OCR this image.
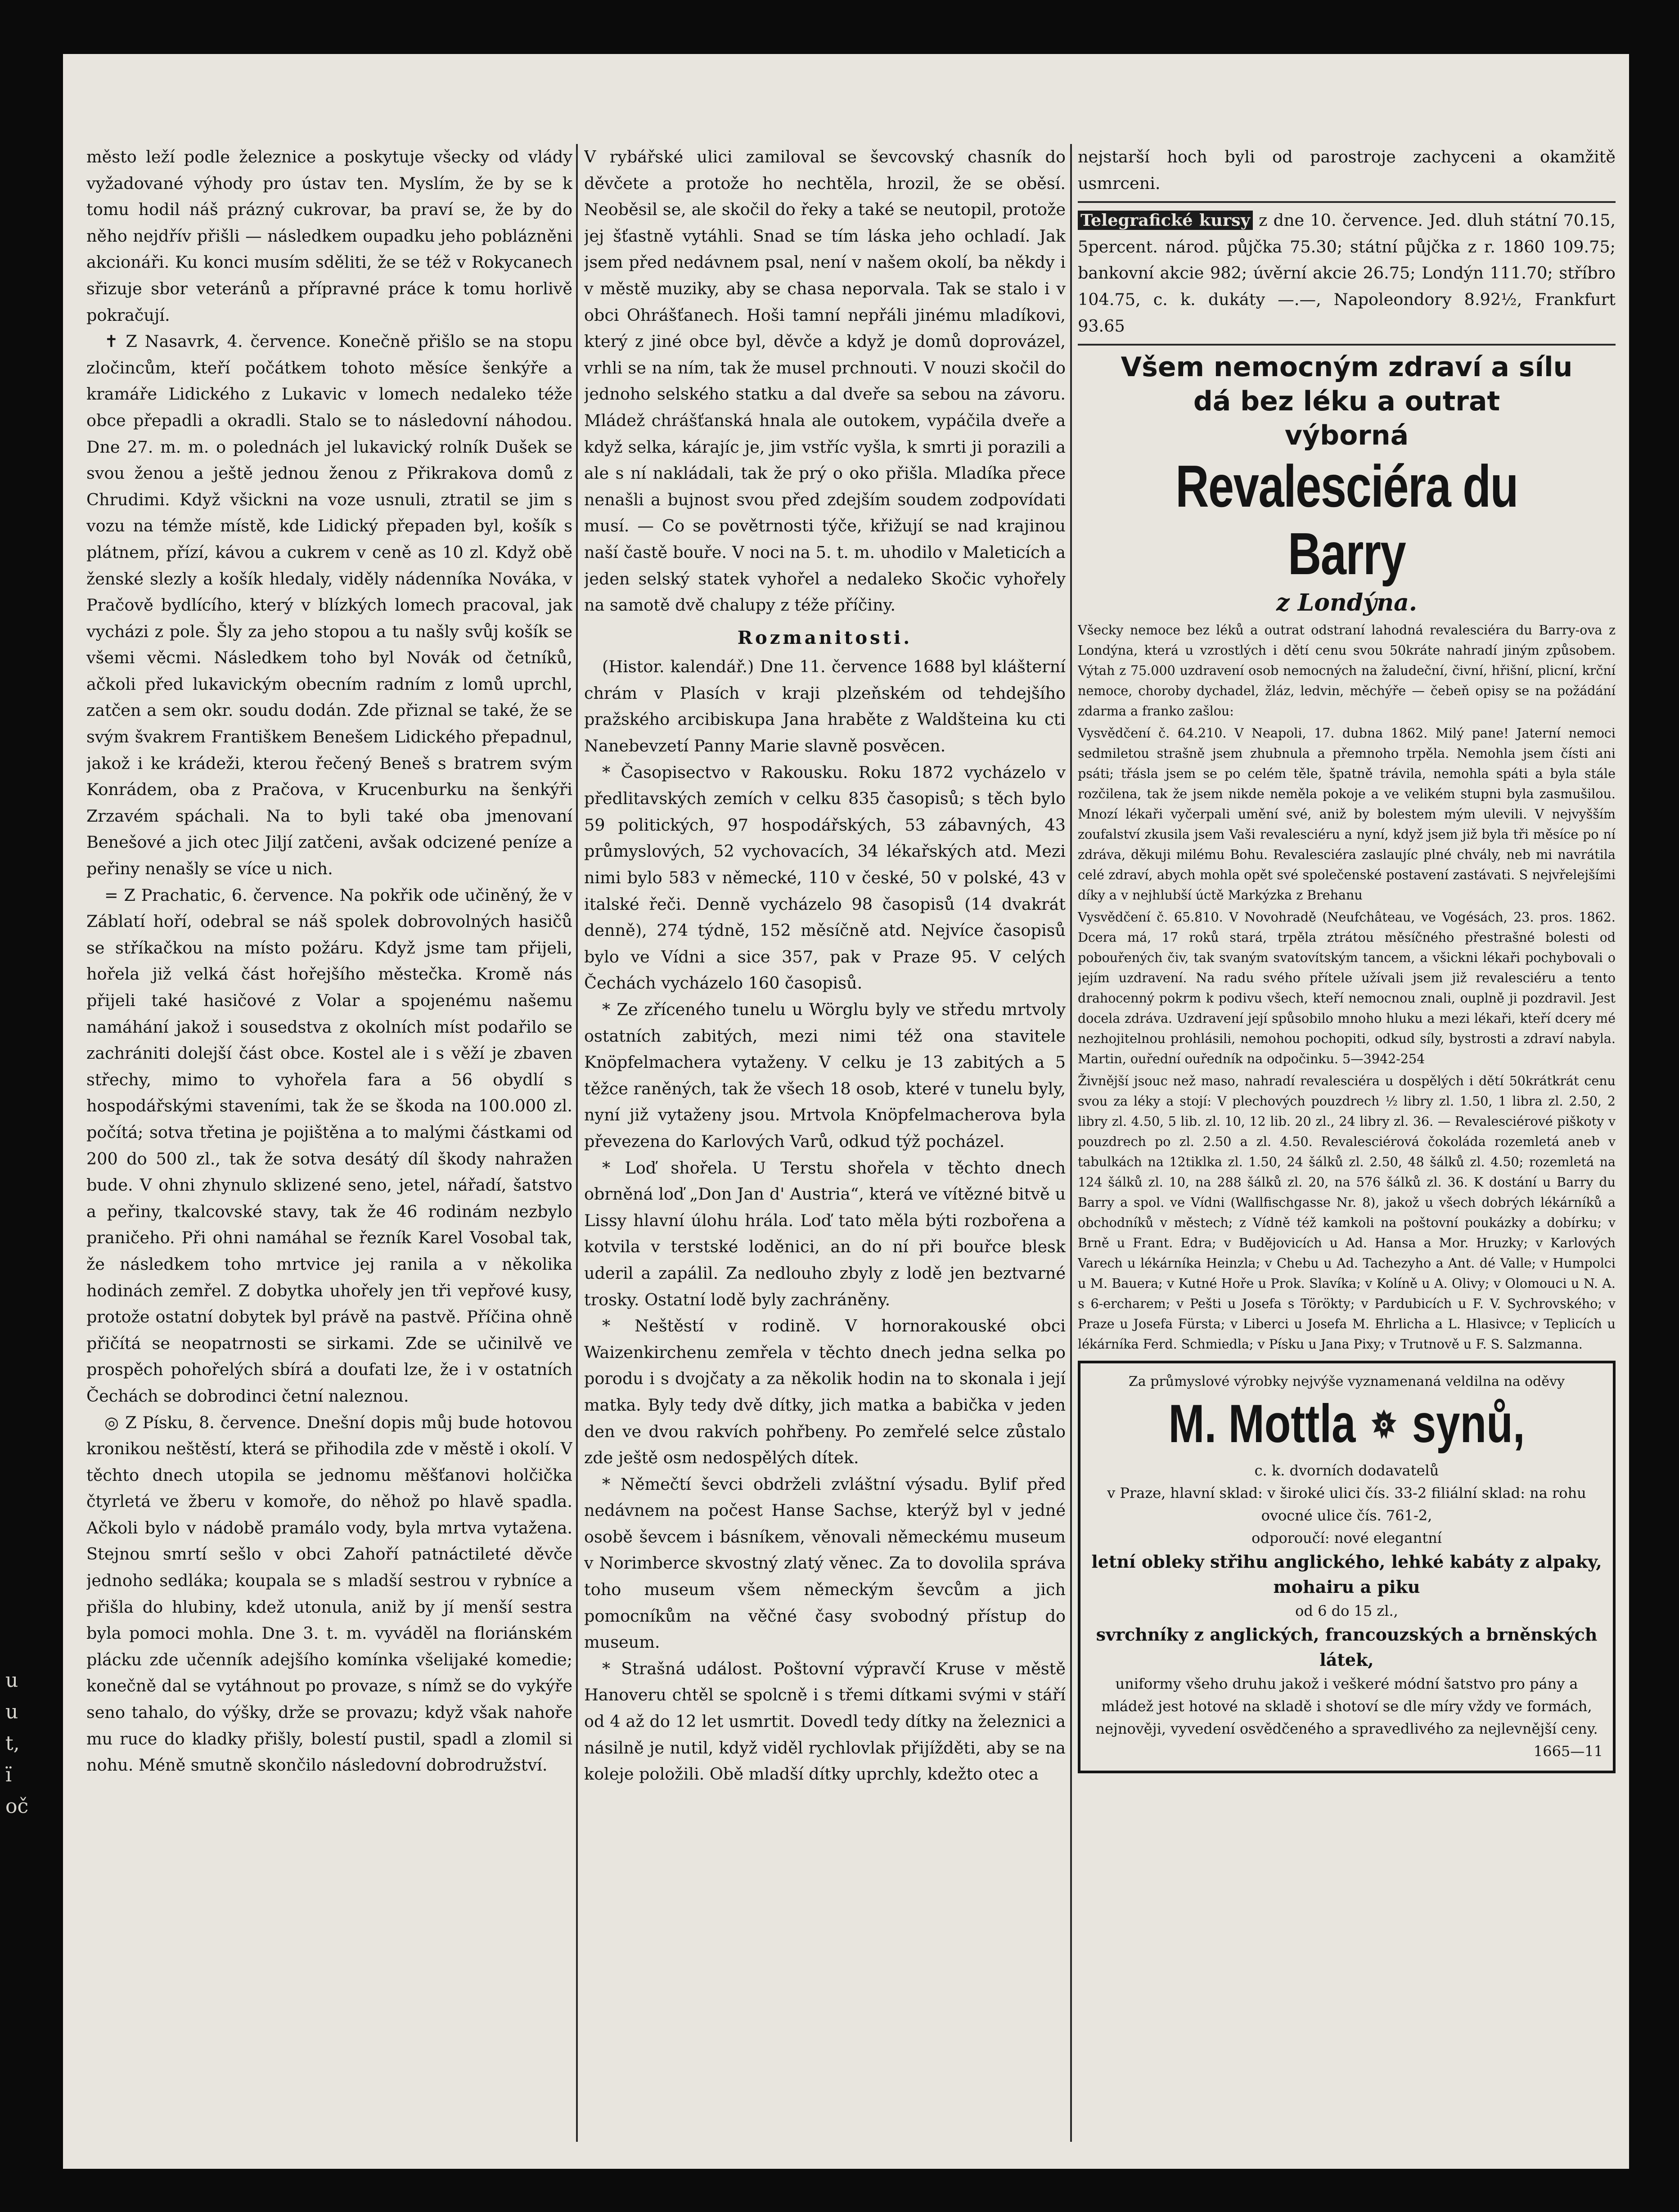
město leží podle železnice a poskytuje všecky od vlády vyžadované výhody pro ústav ten. Myslím, že by se k tomu hodil náš prázný cukrovar, ba praví se, že by do něho nejdřív přišli — následkem oupadku jeho poblázněni akcionáři. Ku konci musím sděliti, že se též v Rokycanech sřizuje sbor veteránů a přípravné práce k tomu horlivě pokračují.

✝ Z Nasavrk, 4. července. Konečně přišlo se na stopu zločincům, kteří počátkem tohoto měsíce šenkýře a kramáře Lidického z Lukavic v lomech nedaleko téže obce přepadli a okradli. Stalo se to následovní náhodou. Dne 27. m. m. o polednách jel lukavický rolník Dušek se svou ženou a ještě jednou ženou z Přikrakova domů z Chrudimi. Když všickni na voze usnuli, ztratil se jim s vozu na témže místě, kde Lidický přepaden byl, košík s plátnem, přízí, kávou a cukrem v ceně as 10 zl. Když obě ženské slezly a košík hledaly, viděly nádenníka Nováka, v Pračově bydlícího, který v blízkých lomech pracoval, jak vycházi z pole. Šly za jeho stopou a tu našly svůj košík se všemi věcmi. Následkem toho byl Novák od četníků, ačkoli před lukavickým obecním radním z lomů uprchl, zatčen a sem okr. soudu dodán. Zde přiznal se také, že se svým švakrem Františkem Benešem Lidického přepadnul, jakož i ke krádeži, kterou řečený Beneš s bratrem svým Konrádem, oba z Pračova, v Krucenburku na šenkýři Zrzavém spáchali. Na to byli také oba jmenovaní Benešové a jich otec Jiljí zatčeni, avšak odcizené peníze a peřiny nenašly se více u nich.

= Z Prachatic, 6. července. Na pokřik ode učiněný, že v Záblatí hoří, odebral se náš spolek dobrovolných hasičů se stříkačkou na místo požáru. Když jsme tam přijeli, hořela již velká část hořejšího městečka. Kromě nás přijeli také hasičové z Volar a spojenému našemu namáhání jakož i sousedstva z okolních míst podařilo se zachrániti dolejší část obce. Kostel ale i s věží je zbaven střechy, mimo to vyhořela fara a 56 obydlí s hospodářskými staveními, tak že se škoda na 100.000 zl. počítá; sotva třetina je pojištěna a to malými částkami od 200 do 500 zl., tak že sotva desátý díl škody nahražen bude. V ohni zhynulo sklizené seno, jetel, nářadí, šatstvo a peřiny, tkalcovské stavy, tak že 46 rodinám nezbylo praničeho. Při ohni namáhal se řezník Karel Vosobal tak, že následkem toho mrtvice jej ranila a v několika hodinách zemřel. Z dobytka uhořely jen tři vepřové kusy, protože ostatní dobytek byl právě na pastvě. Příčina ohně přičítá se neopatrnosti se sirkami. Zde se učinilvě ve prospěch pohořelých sbírá a doufati lze, že i v ostatních Čechách se dobrodinci četní naleznou.

◎ Z Písku, 8. července. Dnešní dopis můj bude hotovou kronikou neštěstí, která se přihodila zde v městě i okolí. V těchto dnech utopila se jednomu měšťanovi holčička čtyrletá ve žberu v komoře, do něhož po hlavě spadla. Ačkoli bylo v nádobě pramálo vody, byla mrtva vytažena. Stejnou smrtí sešlo v obci Zahoří patnáctileté děvče jednoho sedláka; koupala se s mladší sestrou v rybníce a přišla do hlubiny, kdež utonula, aniž by jí menší sestra byla pomoci mohla. Dne 3. t. m. vyváděl na floriánském plácku zde učenník adejšího komínka všelijaké komedie; konečně dal se vytáhnout po provaze, s nímž se do vykýře seno tahalo, do výšky, drže se provazu; když však nahoře mu ruce do kladky přišly, bolestí pustil, spadl a zlomil si nohu. Méně smutně skončilo následovní dobrodružství.

V rybářské ulici zamiloval se ševcovský chasník do děvčete a protože ho nechtěla, hrozil, že se oběsí. Neoběsil se, ale skočil do řeky a také se neutopil, protože jej šťastně vytáhli. Snad se tím láska jeho ochladí. Jak jsem před nedávnem psal, není v našem okolí, ba někdy i v městě muziky, aby se chasa neporvala. Tak se stalo i v obci Ohrášťanech. Hoši tamní nepřáli jinému mladíkovi, který z jiné obce byl, děvče a když je domů doprovázel, vrhli se na ním, tak že musel prchnouti. V nouzi skočil do jednoho selského statku a dal dveře sa sebou na závoru. Mládež chrášťanská hnala ale outokem, vypáčila dveře a když selka, kárajíc je, jim vstříc vyšla, k smrti ji porazili a ale s ní nakládali, tak že prý o oko přišla. Mladíka přece nenašli a bujnost svou před zdejším soudem zodpovídati musí. — Co se povětrnosti týče, křižují se nad krajinou naší častě bouře. V noci na 5. t. m. uhodilo v Maleticích a jeden selský statek vyhořel a nedaleko Skočic vyhořely na samotě dvě chalupy z téže příčiny.

Rozmanitosti.

(Histor. kalendář.) Dne 11. července 1688 byl klášterní chrám v Plasích v kraji plzeňském od tehdejšího pražského arcibiskupa Jana hraběte z Waldšteina ku cti Nanebevzetí Panny Marie slavně posvěcen.

* Časopisectvo v Rakousku. Roku 1872 vycházelo v předlitavských zemích v celku 835 časopisů; s těch bylo 59 politických, 97 hospodářských, 53 zábavných, 43 průmyslových, 52 vychovacích, 34 lékařských atd. Mezi nimi bylo 583 v německé, 110 v české, 50 v polské, 43 v italské řeči. Denně vycházelo 98 časopisů (14 dvakrát denně), 274 týdně, 152 měsíčně atd. Nejvíce časopisů bylo ve Vídni a sice 357, pak v Praze 95. V celých Čechách vycházelo 160 časopisů.

* Ze zříceného tunelu u Wörglu byly ve středu mrtvoly ostatních zabitých, mezi nimi též ona stavitele Knöpfelmachera vytaženy. V celku je 13 zabitých a 5 těžce raněných, tak že všech 18 osob, které v tunelu byly, nyní již vytaženy jsou. Mrtvola Knöpfelmacherova byla převezena do Karlových Varů, odkud týž pocházel.

* Loď shořela. U Terstu shořela v těchto dnech obrněná loď „Don Jan d' Austria“, která ve vítězné bitvě u Lissy hlavní úlohu hrála. Loď tato měla býti rozbořena a kotvila v terstské loděnici, an do ní při bouřce blesk uderil a zapálil. Za nedlouho zbyly z lodě jen beztvarné trosky. Ostatní lodě byly zachráněny.

* Neštěstí v rodině. V hornorakouské obci Waizenkirchenu zemřela v těchto dnech jedna selka po porodu i s dvojčaty a za několik hodin na to skonala i její matka. Byly tedy dvě dítky, jich matka a babička v jeden den ve dvou rakvích pohřbeny. Po zemřelé selce zůstalo zde ještě osm nedospělých dítek.

* Němečtí ševci obdrželi zvláštní výsadu. Bylif před nedávnem na počest Hanse Sachse, kterýž byl v jedné osobě ševcem i básníkem, věnovali německému museum v Norimberce skvostný zlatý věnec. Za to dovolila správa toho museum všem německým ševcům a jich pomocníkům na věčné časy svobodný přístup do museum.

* Strašná událost. Poštovní výpravčí Kruse v městě Hanoveru chtěl se spolcně i s třemi dítkami svými v stáří od 4 až do 12 let usmrtit. Dovedl tedy dítky na železnici a násilně je nutil, když viděl rychlovlak přijížděti, aby se na koleje položili. Obě mladší dítky uprchly, kdežto otec a

nejstarší hoch byli od parostroje zachyceni a okamžitě usmrceni.

Telegrafické kursy z dne 10. července. Jed. dluh státní 70.15, 5percent. národ. půjčka 75.30; státní půjčka z r. 1860 109.75; bankovní akcie 982; úvěrní akcie 26.75; Londýn 111.70; stříbro 104.75, c. k. dukáty —.—, Napoleondory 8.92½, Frankfurt 93.65

Všem nemocným zdraví a sílu
dá bez léku a outrat
výborná
Revalesciéra du Barry
z Londýna.

Všecky nemoce bez léků a outrat odstraní lahodná revalesciéra du Barry-ova z Londýna, která u vzrostlých i dětí cenu svou 50kráte nahradí jiným způsobem. Výtah z 75.000 uzdravení osob nemocných na žaludeční, čivní, hřišní, plicní, krční nemoce, choroby dychadel, žláz, ledvin, měchýře — čebeň opisy se na požádání zdarma a franko zašlou:

Vysvědčení č. 64.210. V Neapoli, 17. dubna 1862. Milý pane! Jaterní nemoci sedmiletou strašně jsem zhubnula a přemnoho trpěla. Nemohla jsem čísti ani psáti; třásla jsem se po celém těle, špatně trávila, nemohla spáti a byla stále rozčilena, tak že jsem nikde neměla pokoje a ve velikém stupni byla zasmušilou. Mnozí lékaři vyčerpali umění své, aniž by bolestem mým ulevili. V nejvyšším zoufalství zkusila jsem Vaši revalesciéru a nyní, když jsem již byla tři měsíce po ní zdráva, děkuji milému Bohu. Revalesciéra zaslaujíc plné chvály, neb mi navrátila celé zdraví, abych mohla opět své společenské postavení zastávati. S nejvřelejšími díky a v nejhlubší úctě Markýzka z Brehanu

Vysvědčení č. 65.810. V Novohradě (Neufchâteau, ve Vogésách, 23. pros. 1862. Dcera má, 17 roků stará, trpěla ztrátou měsíčného přestrašné bolesti od pobouřených čiv, tak svaným svatovítským tancem, a všickni lékaři pochybovali o jejím uzdravení. Na radu svého přítele užívali jsem již revalesciéru a tento drahocenný pokrm k podivu všech, kteří nemocnou znali, ouplně ji pozdravil. Jest docela zdráva. Uzdravení její spůsobilo mnoho hluku a mezi lékaři, kteří dcery mé nezhojitelnou prohlásili, nemohou pochopiti, odkud síly, bystrosti a zdraví nabyla. Martin, ouřední ouředník na odpočinku. 5—3942-254

Živnější jsouc než maso, nahradí revalesciéra u dospělých i dětí 50krátkrát cenu svou za léky a stojí: V plechových pouzdrech ½ libry zl. 1.50, 1 libra zl. 2.50, 2 libry zl. 4.50, 5 lib. zl. 10, 12 lib. 20 zl., 24 libry zl. 36. — Revalesciérové piškoty v pouzdrech po zl. 2.50 a zl. 4.50. Revalesciérová čokoláda rozemletá aneb v tabulkách na 12tiklka zl. 1.50, 24 šálků zl. 2.50, 48 šálků zl. 4.50; rozemletá na 124 šálků zl. 10, na 288 šálků zl. 20, na 576 šálků zl. 36. K dostání u Barry du Barry a spol. ve Vídni (Wallfischgasse Nr. 8), jakož u všech dobrých lékárníků a obchodníků v městech; z Vídně též kamkoli na poštovní poukázky a dobírku; v Brně u Frant. Edra; v Budějovicích u Ad. Hansa a Mor. Hruzky; v Karlových Varech u lékárníka Heinzla; v Chebu u Ad. Tachezyho a Ant. dé Valle; v Humpolci u M. Bauera; v Kutné Hoře u Prok. Slavíka; v Kolíně u A. Olivy; v Olomouci u N. A. s 6-ercharem; v Pešti u Josefa s Törökty; v Pardubicích u F. V. Sychrovského; v Praze u Josefa Fürsta; v Liberci u Josefa M. Ehrlicha a L. Hlasivce; v Teplicích u lékárníka Ferd. Schmiedla; v Písku u Jana Pixy; v Trutnově u F. S. Salzmanna.

Za průmyslové výrobky nejvýše vyznamenaná veldilna na oděvy
M. Mottla synů,
c. k. dvorních dodavatelů
v Praze, hlavní sklad: v široké ulici čís. 33-2 filiální sklad: na rohu ovocné ulice čís. 761-2,
odporoučí: nové elegantní
letní obleky střihu anglického, lehké kabáty z alpaky, mohairu a piku
od 6 do 15 zl.,
svrchníky z anglických, francouzských a brněnských látek,
uniformy všeho druhu jakož i veškeré módní šatstvo pro pány a mládež jest hotové na skladě i shotoví se dle míry vždy ve formách, nejnověji, vyvedení osvědčeného a spravedlivého za nejlevnější ceny.
1665—11
u
u
t,
ї
oč
